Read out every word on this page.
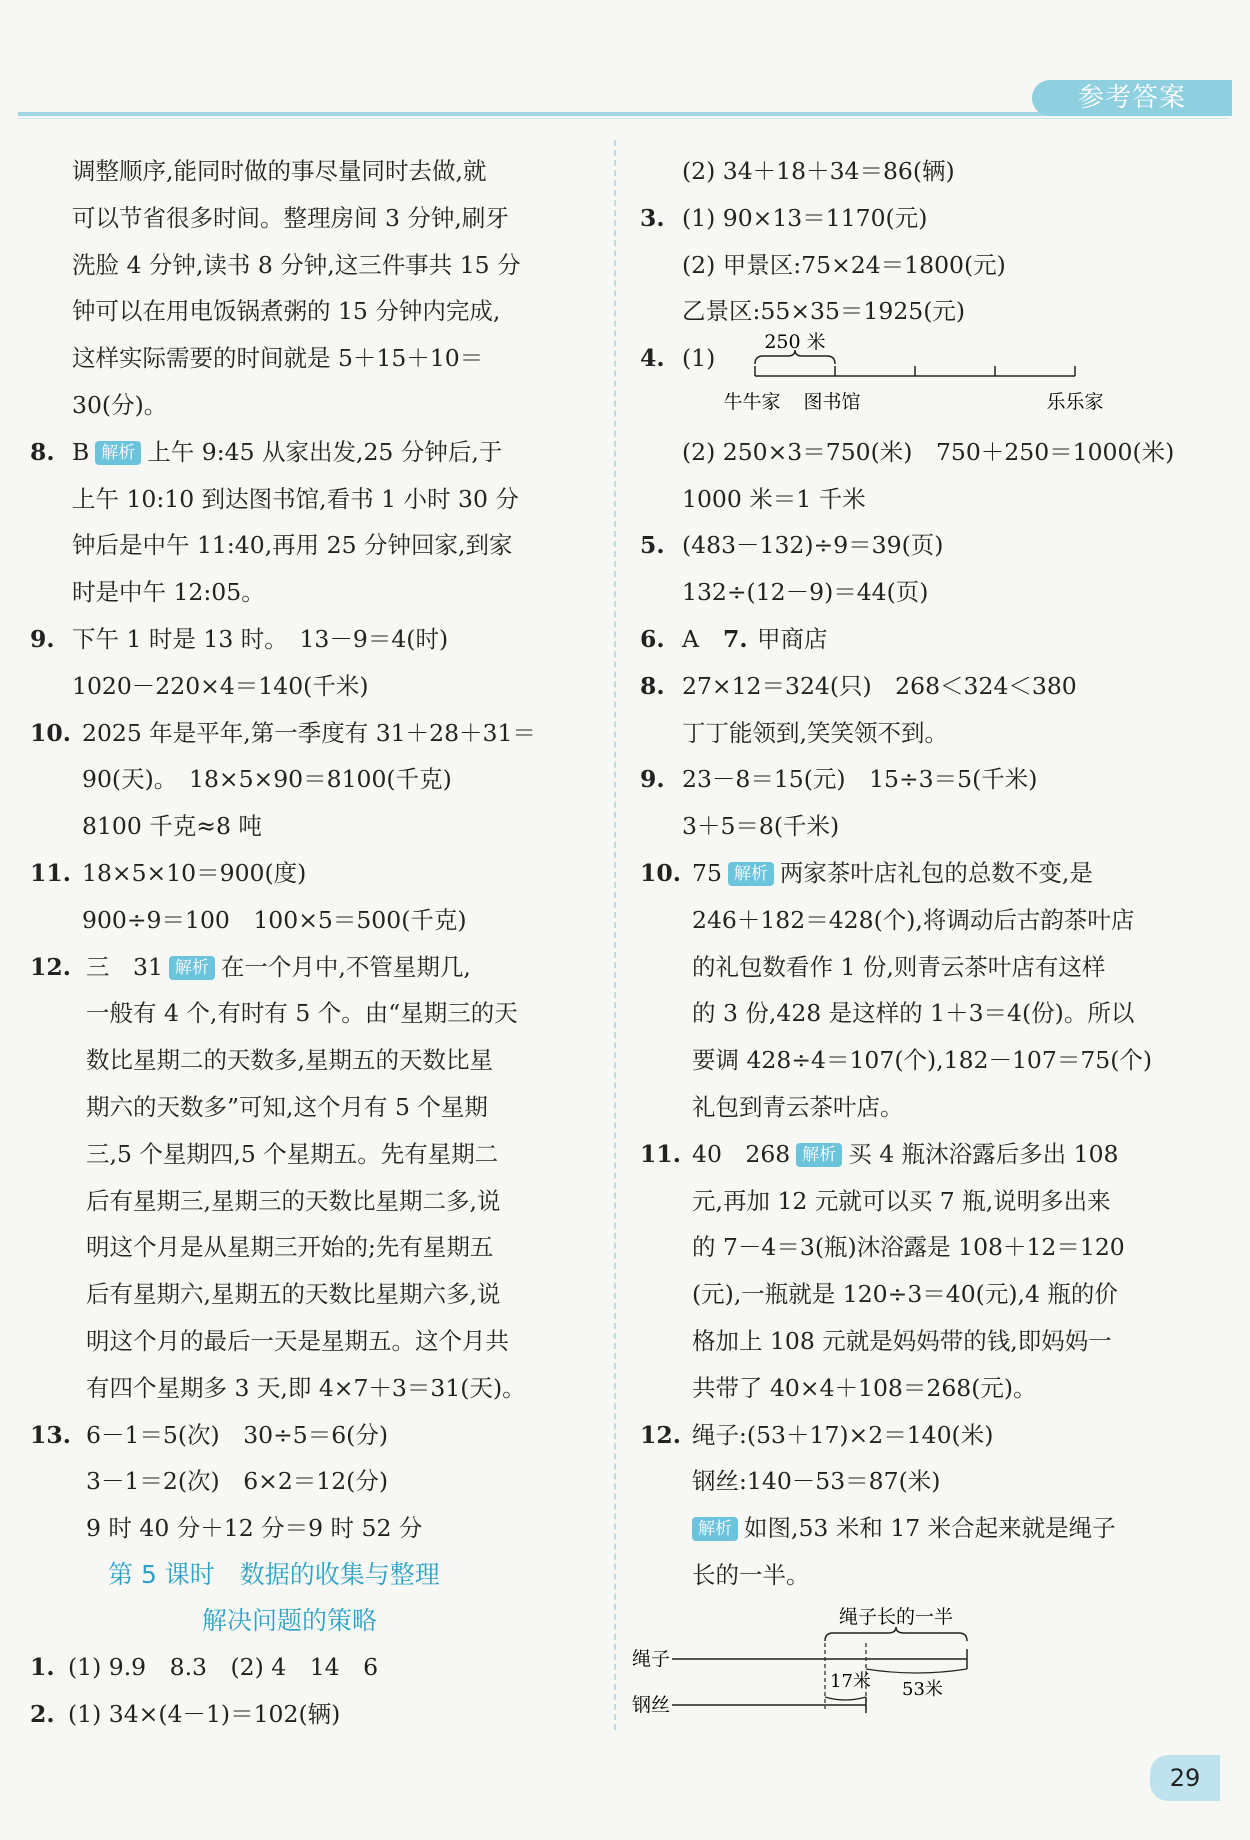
参考答案
调整顺序,能同时做的事尽量同时去做,就
可以节省很多时间。整理房间 3 分钟,刷牙
洗脸 4 分钟,读书 8 分钟,这三件事共 15 分
钟可以在用电饭锅煮粥的 15 分钟内完成,
这样实际需要的时间就是 5＋15＋10＝
30(分)。
8. B 解析 上午 9:45 从家出发,25 分钟后,于
上午 10:10 到达图书馆,看书 1 小时 30 分
钟后是中午 11:40,再用 25 分钟回家,到家
时是中午 12:05。
9. 下午 1 时是 13 时。　13－9＝4(时)
1020－220×4＝140(千米)
10. 2025 年是平年,第一季度有 31＋28＋31＝
90(天)。　18×5×90＝8100(千克)
8100 千克≈8 吨
11. 18×5×10＝900(度)
900÷9＝100　100×5＝500(千克)
12. 三　31 解析 在一个月中,不管星期几,
一般有 4 个,有时有 5 个。由“星期三的天
数比星期二的天数多,星期五的天数比星
期六的天数多”可知,这个月有 5 个星期
三,5 个星期四,5 个星期五。先有星期二
后有星期三,星期三的天数比星期二多,说
明这个月是从星期三开始的;先有星期五
后有星期六,星期五的天数比星期六多,说
明这个月的最后一天是星期五。这个月共
有四个星期多 3 天,即 4×7＋3＝31(天)。
13. 6－1＝5(次)　30÷5＝6(分)
3－1＝2(次)　6×2＝12(分)
9 时 40 分＋12 分＝9 时 52 分
第 5 课时　数据的收集与整理
解决问题的策略
1. (1) 9.9　8.3　(2) 4　14　6
2. (1) 34×(4－1)＝102(辆)
(2) 34＋18＋34＝86(辆)
3. (1) 90×13＝1170(元)
(2) 甲景区:75×24＝1800(元)
乙景区:55×35＝1925(元)
4. (1)
250 米
牛牛家 图书馆	乐乐家
(2) 250×3＝750(米)　750＋250＝1000(米)
1000 米＝1 千米
5. (483－132)÷9＝39(页)
132÷(12－9)＝44(页)
6. A 7. 甲商店
8. 27×12＝324(只)　268＜324＜380
丁丁能领到,笑笑领不到。
9. 23－8＝15(元)　15÷3＝5(千米)
3＋5＝8(千米)
10. 75 解析 两家茶叶店礼包的总数不变,是
246＋182＝428(个),将调动后古韵茶叶店
的礼包数看作 1 份,则青云茶叶店有这样
的 3 份,428 是这样的 1＋3＝4(份)。所以
要调 428÷4＝107(个),182－107＝75(个)
礼包到青云茶叶店。
11. 40　268 解析 买 4 瓶沐浴露后多出 108
元,再加 12 元就可以买 7 瓶,说明多出来
的 7－4＝3(瓶)沐浴露是 108＋12＝120
(元),一瓶就是 120÷3＝40(元),4 瓶的价
格加上 108 元就是妈妈带的钱,即妈妈一
共带了 40×4＋108＝268(元)。
12. 绳子:(53＋17)×2＝140(米)
钢丝:140－53＝87(米)
解析 如图,53 米和 17 米合起来就是绳子
长的一半。
绳子长的一半
绳子
17米 53米
钢丝
29
